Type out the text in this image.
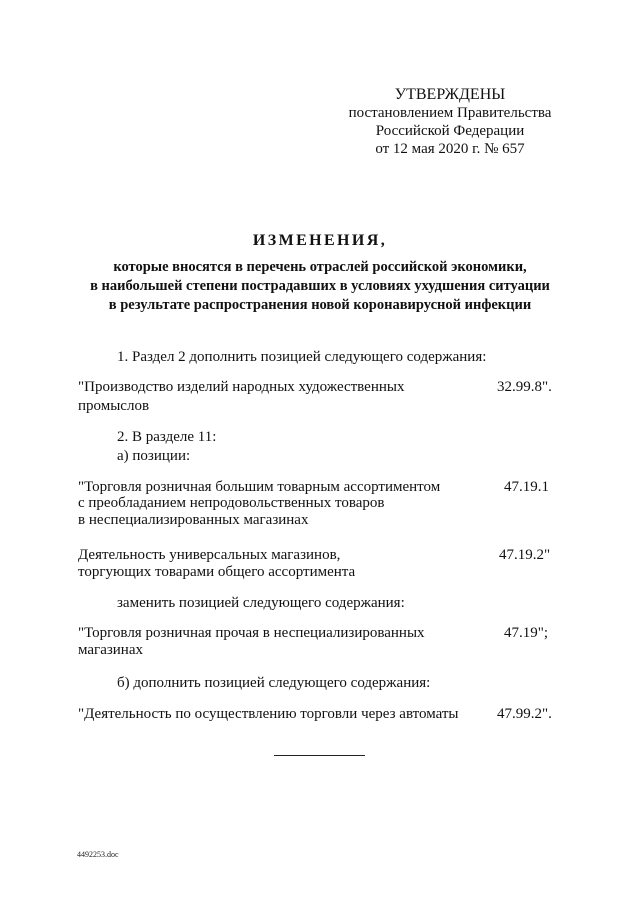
УТВЕРЖДЕНЫ
постановлением Правительства
Российской Федерации
от 12 мая 2020 г. № 657
ИЗМЕНЕНИЯ,
которые вносятся в перечень отраслей российской экономики,
в наибольшей степени пострадавших в условиях ухудшения ситуации
в результате распространения новой коронавирусной инфекции
1. Раздел 2 дополнить позицией следующего содержания:
"Производство изделий народных художественных
промыслов
32.99.8".
2. В разделе 11:
а) позиции:
"Торговля розничная большим товарным ассортиментом
с преобладанием непродовольственных товаров
в неспециализированных магазинах
47.19.1
Деятельность универсальных магазинов,
торгующих товарами общего ассортимента
47.19.2"
заменить позицией следующего содержания:
"Торговля розничная прочая в неспециализированных
магазинах
47.19";
б) дополнить позицией следующего содержания:
"Деятельность по осуществлению торговли через автоматы	47.99.2".
4492253.doc
